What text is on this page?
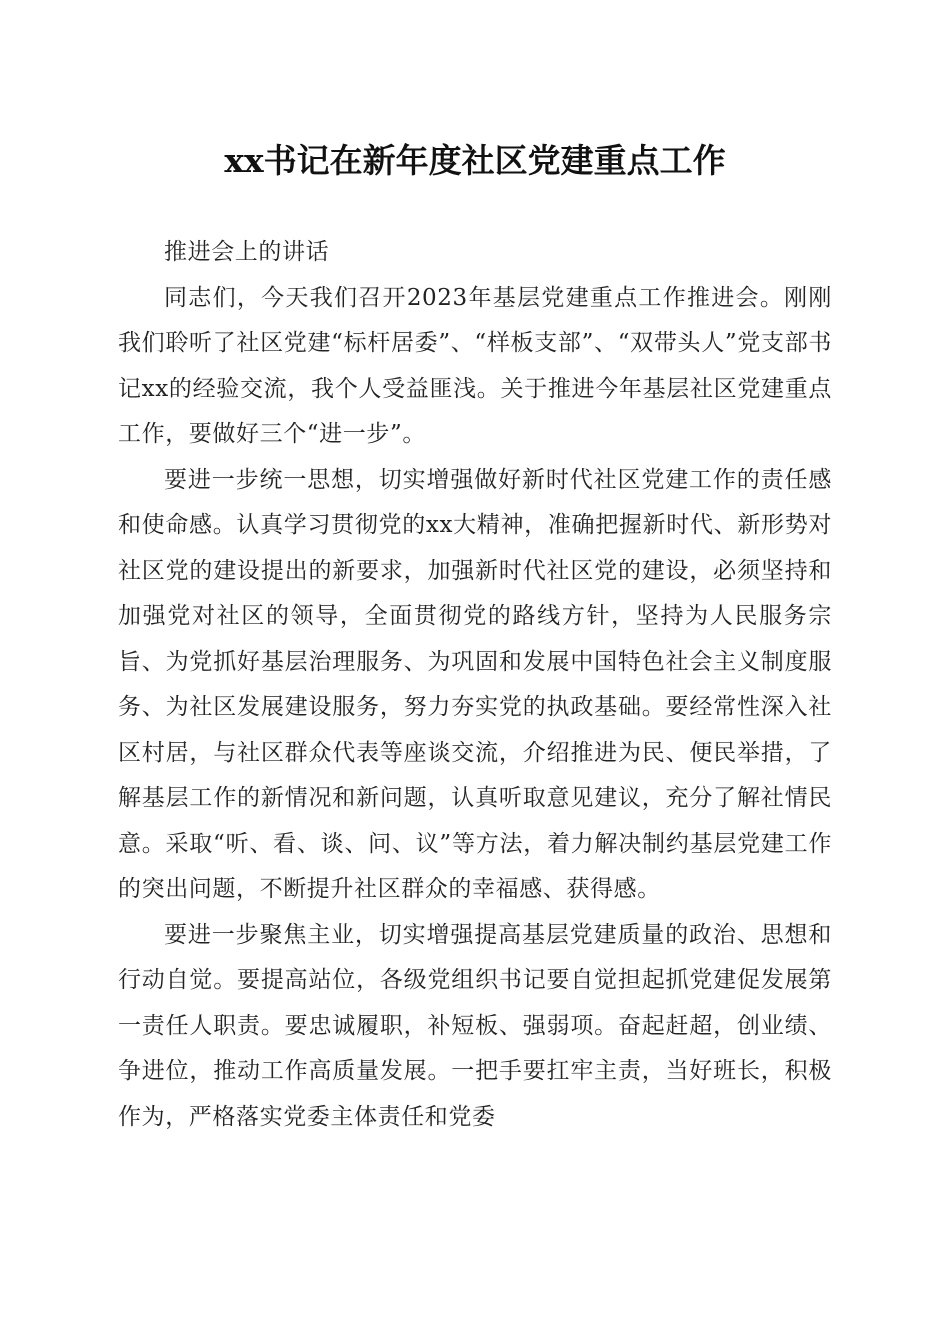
xx书记在新年度社区党建重点工作

推进会上的讲话

同志们，今天我们召开2023年基层党建重点工作推进会。刚刚我们聆听了社区党建“标杆居委”、“样板支部”、“双带头人”党支部书记xx的经验交流，我个人受益匪浅。关于推进今年基层社区党建重点工作，要做好三个“进一步”。

要进一步统一思想，切实增强做好新时代社区党建工作的责任感和使命感。认真学习贯彻党的xx大精神，准确把握新时代、新形势对社区党的建设提出的新要求，加强新时代社区党的建设，必须坚持和加强党对社区的领导，全面贯彻党的路线方针，坚持为人民服务宗旨、为党抓好基层治理服务、为巩固和发展中国特色社会主义制度服务、为社区发展建设服务，努力夯实党的执政基础。要经常性深入社区村居，与社区群众代表等座谈交流，介绍推进为民、便民举措，了解基层工作的新情况和新问题，认真听取意见建议，充分了解社情民意。采取“听、看、谈、问、议”等方法，着力解决制约基层党建工作的突出问题，不断提升社区群众的幸福感、获得感。

要进一步聚焦主业，切实增强提高基层党建质量的政治、思想和行动自觉。要提高站位，各级党组织书记要自觉担起抓党建促发展第一责任人职责。要忠诚履职，补短板、强弱项。奋起赶超，创业绩、争进位，推动工作高质量发展。一把手要扛牢主责，当好班长，积极作为，严格落实党委主体责任和党委
